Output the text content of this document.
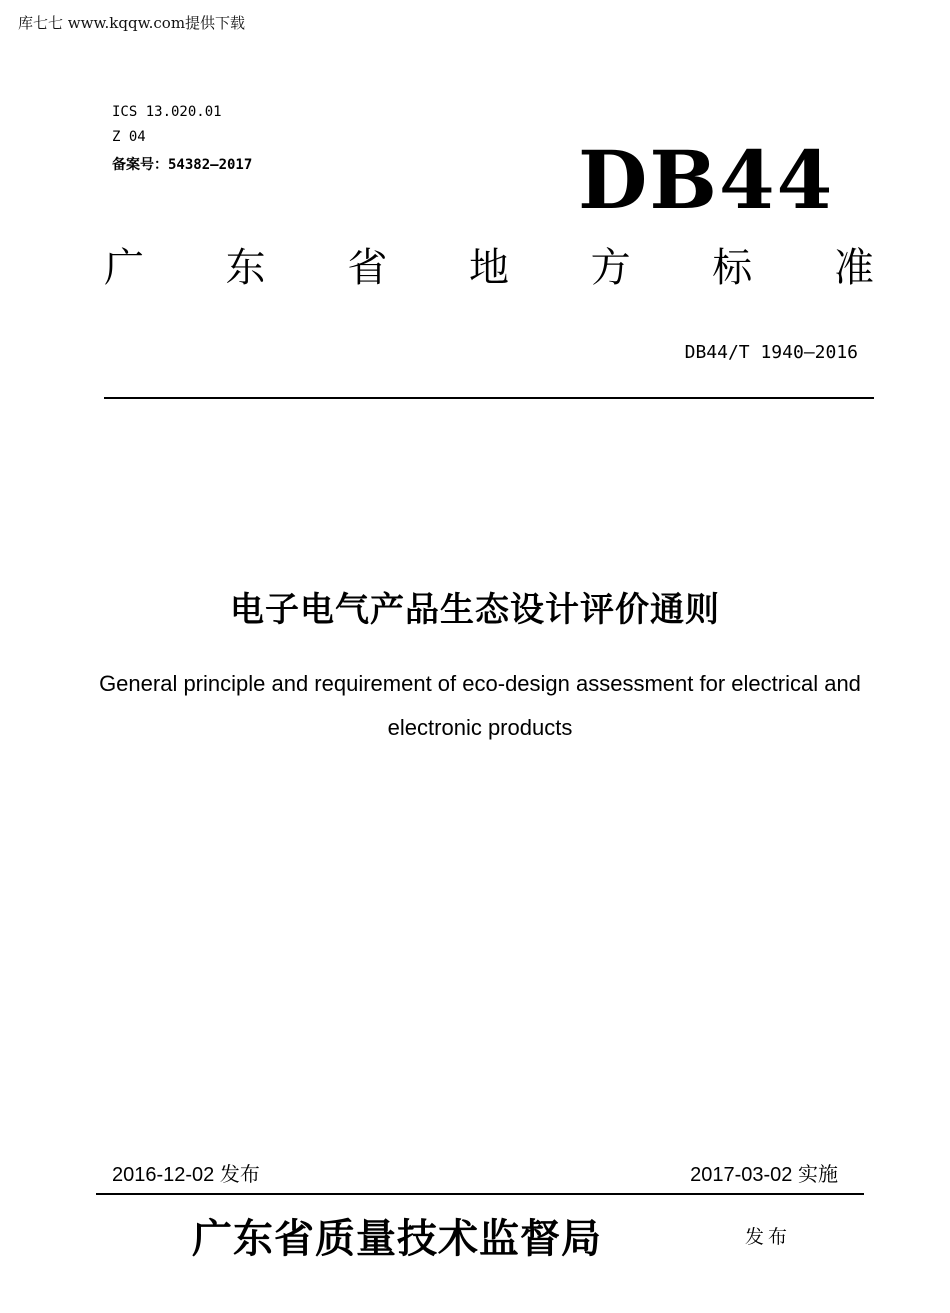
库七七 www.kqqw.com提供下载
ICS 13.020.01
Z 04
备案号：54382—2017	DB44
广 东 省 地 方 标 准
DB44/T 1940—2016
电子电气产品生态设计评价通则
General principle and requirement of eco-design assessment for electrical and electronic products
2016-12-02 发布	2017-03-02 实施
广东省质量技术监督局	发布
